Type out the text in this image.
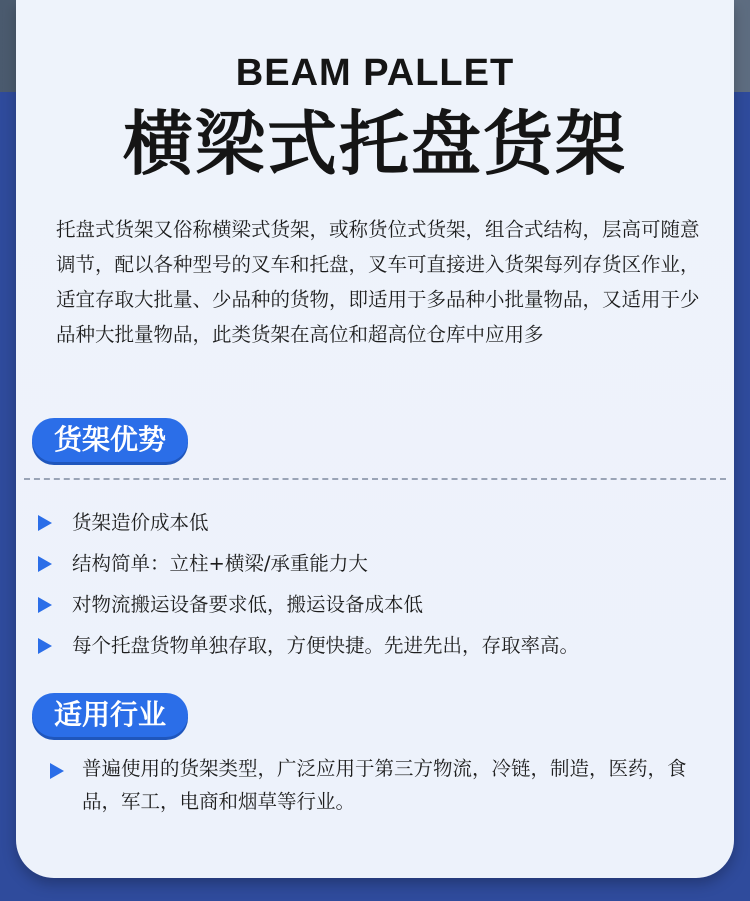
BEAM PALLET
横梁式托盘货架
托盘式货架又俗称横梁式货架，或称货位式货架，组合式结构，层高可随意调节，配以各种型号的叉车和托盘，叉车可直接进入货架每列存货区作业，适宜存取大批量、少品种的货物，即适用于多品种小批量物品，又适用于少品种大批量物品，此类货架在高位和超高位仓库中应用多
货架优势
货架造价成本低
结构简单：立柱+横梁/承重能力大
对物流搬运设备要求低，搬运设备成本低
每个托盘货物单独存取，方便快捷。先进先出，存取率高。
适用行业
普遍使用的货架类型，广泛应用于第三方物流，冷链，制造，医药，食品，军工，电商和烟草等行业。
